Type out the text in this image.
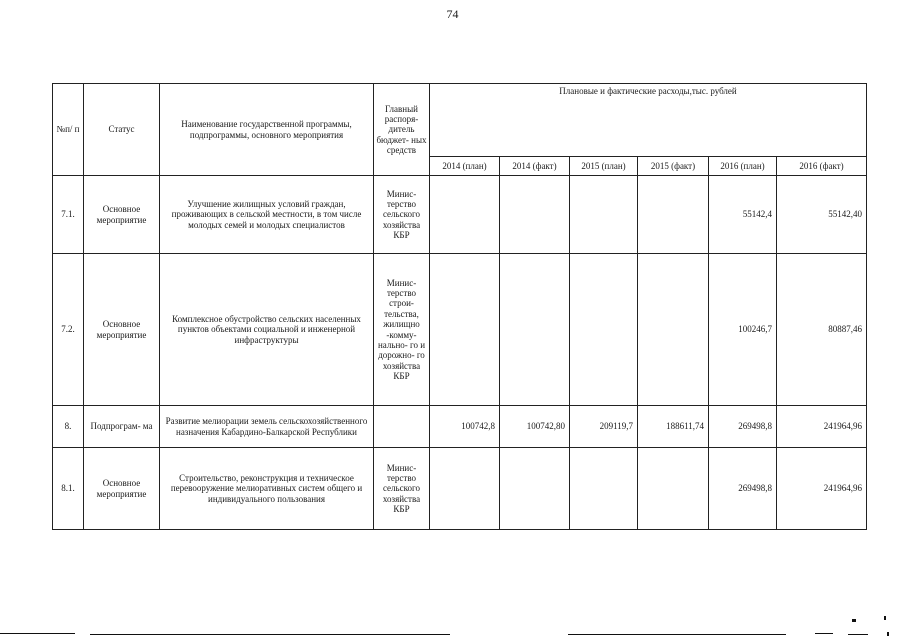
74
№п/ п	Статус	Наименование государственной программы, подпрограммы, основного мероприятия	Главный распоря- дитель бюджет- ных средств	Плановые и фактические расходы,тыс. рублей					
				2014 (план)	2014 (факт)	2015 (план)	2015 (факт)	2016 (план)	2016 (факт)
7.1.	Основное мероприятие	Улучшение жилищных условий граждан, проживающих в сельской местности, в том числе молодых семей и молодых специалистов	Минис- терство сельского хозяйства КБР					55142,4	55142,40
7.2.	Основное мероприятие	Комплексное обустройство сельских населенных пунктов объектами социальной и инженерной инфраструктуры	Минис- терство строи- тельства, жилищно -комму- нально- го и дорожно- го хозяйства КБР					100246,7	80887,46
8.	Подпрограм- ма	Развитие мелиорации земель сельскохозяйственного назначения Кабардино-Балкарской Республики		100742,8	100742,80	209119,7	188611,74	269498,8	241964,96
8.1.	Основное мероприятие	Строительство, реконструкция и техническое перевооружение мелиоративных систем общего и индивидуального пользования	Минис- терство сельского хозяйства КБР					269498,8	241964,96
